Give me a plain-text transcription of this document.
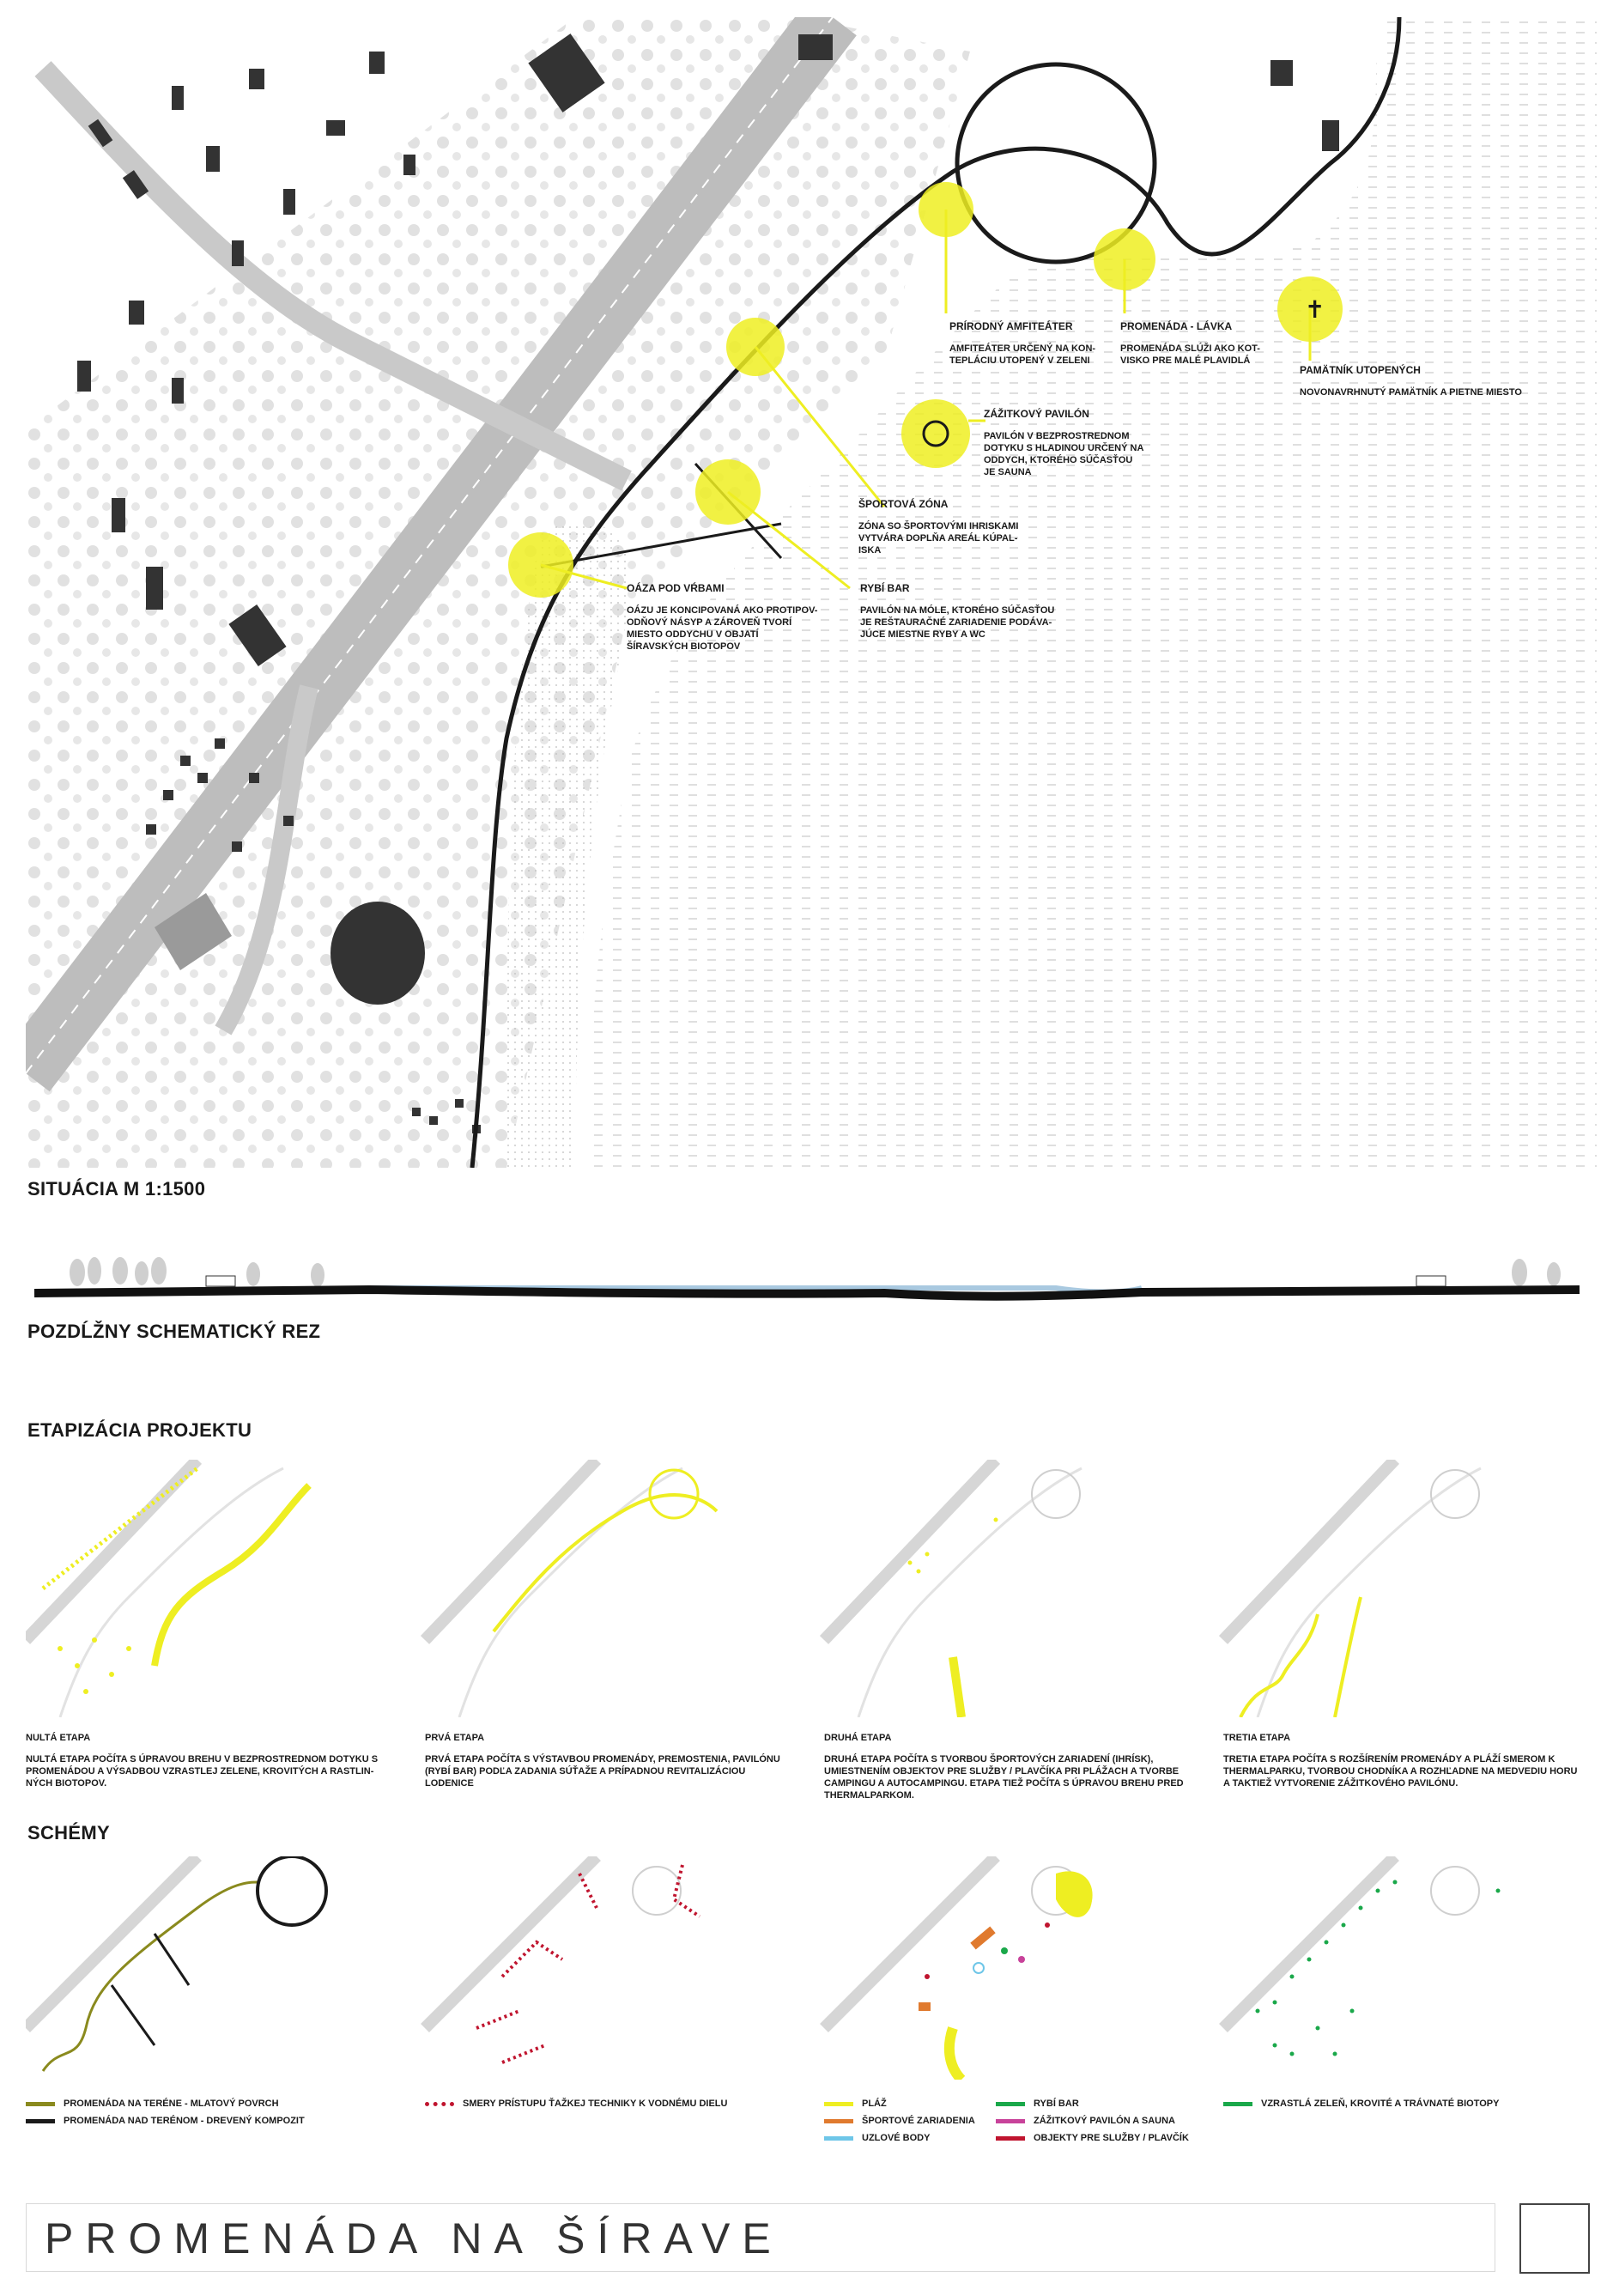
✝
PRÍRODNÝ AMFITEÁTER
AMFITEÁTER URČENÝ NA KON-
TEPLÁCIU UTOPENÝ V ZELENI
PROMENÁDA - LÁVKA
PROMENÁDA SLÚŽI AKO KOT-
VISKO PRE MALÉ PLAVIDLÁ
PAMÄTNÍK UTOPENÝCH
NOVONAVRHNUTÝ PAMÄTNÍK A PIETNE MIESTO
ZÁŽITKOVÝ PAVILÓN
PAVILÓN V BEZPROSTREDNOM
DOTYKU S HLADINOU URČENÝ NA
ODDYCH, KTORÉHO SÚČASŤOU
JE SAUNA
ŠPORTOVÁ ZÓNA
ZÓNA SO ŠPORTOVÝMI IHRISKAMI
VYTVÁRA DOPLŇA AREÁL KÚPAL-
ISKA
OÁZA POD VŔBAMI
OÁZU JE KONCIPOVANÁ AKO PROTIPOV-
ODŇOVÝ NÁSYP A ZÁROVEŇ TVORÍ
MIESTO ODDYCHU V OBJATÍ
ŠÍRAVSKÝCH BIOTOPOV
RYBÍ BAR
PAVILÓN NA MÓLE, KTORÉHO SÚČASŤOU
JE REŠTAURAČNÉ ZARIADENIE PODÁVA-
JÚCE MIESTNE RYBY A WC
SITUÁCIA M 1:1500
POZDĹŽNY SCHEMATICKÝ REZ
ETAPIZÁCIA PROJEKTU
NULTÁ ETAPA
NULTÁ ETAPA POČÍTA S ÚPRAVOU BREHU V BEZPROSTREDNOM DOTYKU S PROMENÁDOU A VÝSADBOU VZRASTLEJ ZELENE, KROVITÝCH A RASTLIN-NÝCH BIOTOPOV.
PRVÁ ETAPA
PRVÁ ETAPA POČÍTA S VÝSTAVBOU PROMENÁDY, PREMOSTENIA, PAVILÓNU (RYBÍ BAR) PODĽA ZADANIA SÚŤAŽE A PRÍPADNOU REVITALIZÁCIOU LODENICE
DRUHÁ ETAPA
DRUHÁ ETAPA POČÍTA S TVORBOU ŠPORTOVÝCH ZARIADENÍ (IHRÍSK), UMIESTNENÍM OBJEKTOV PRE SLUŽBY / PLAVČÍKA PRI PLÁŽACH A TVORBE CAMPINGU A AUTOCAMPINGU. ETAPA TIEŽ POČÍTA S ÚPRAVOU BREHU PRED THERMALPARKOM.
TRETIA ETAPA
TRETIA ETAPA POČÍTA S ROZŠÍRENÍM PROMENÁDY A PLÁŽÍ SMEROM K THERMALPARKU, TVORBOU CHODNÍKA A ROZHĽADNE NA MEDVEDIU HORU A TAKTIEŽ VYTVORENIE ZÁŽITKOVÉHO PAVILÓNU.
SCHÉMY
PROMENÁDA NA TERÉNE - MLATOVÝ POVRCH
PROMENÁDA NAD TERÉNOM - DREVENÝ KOMPOZIT
SMERY PRÍSTUPU ŤAŽKEJ TECHNIKY K VODNÉMU DIELU	PLÁŽ
ŠPORTOVÉ ZARIADENIA
UZLOVÉ BODY
RYBÍ BAR
ZÁŽITKOVÝ PAVILÓN A SAUNA
OBJEKTY PRE SLUŽBY / PLAVČÍK
VZRASTLÁ ZELEŇ, KROVITÉ A TRÁVNATÉ BIOTOPY
PROMENÁDA NA ŠÍRAVE
